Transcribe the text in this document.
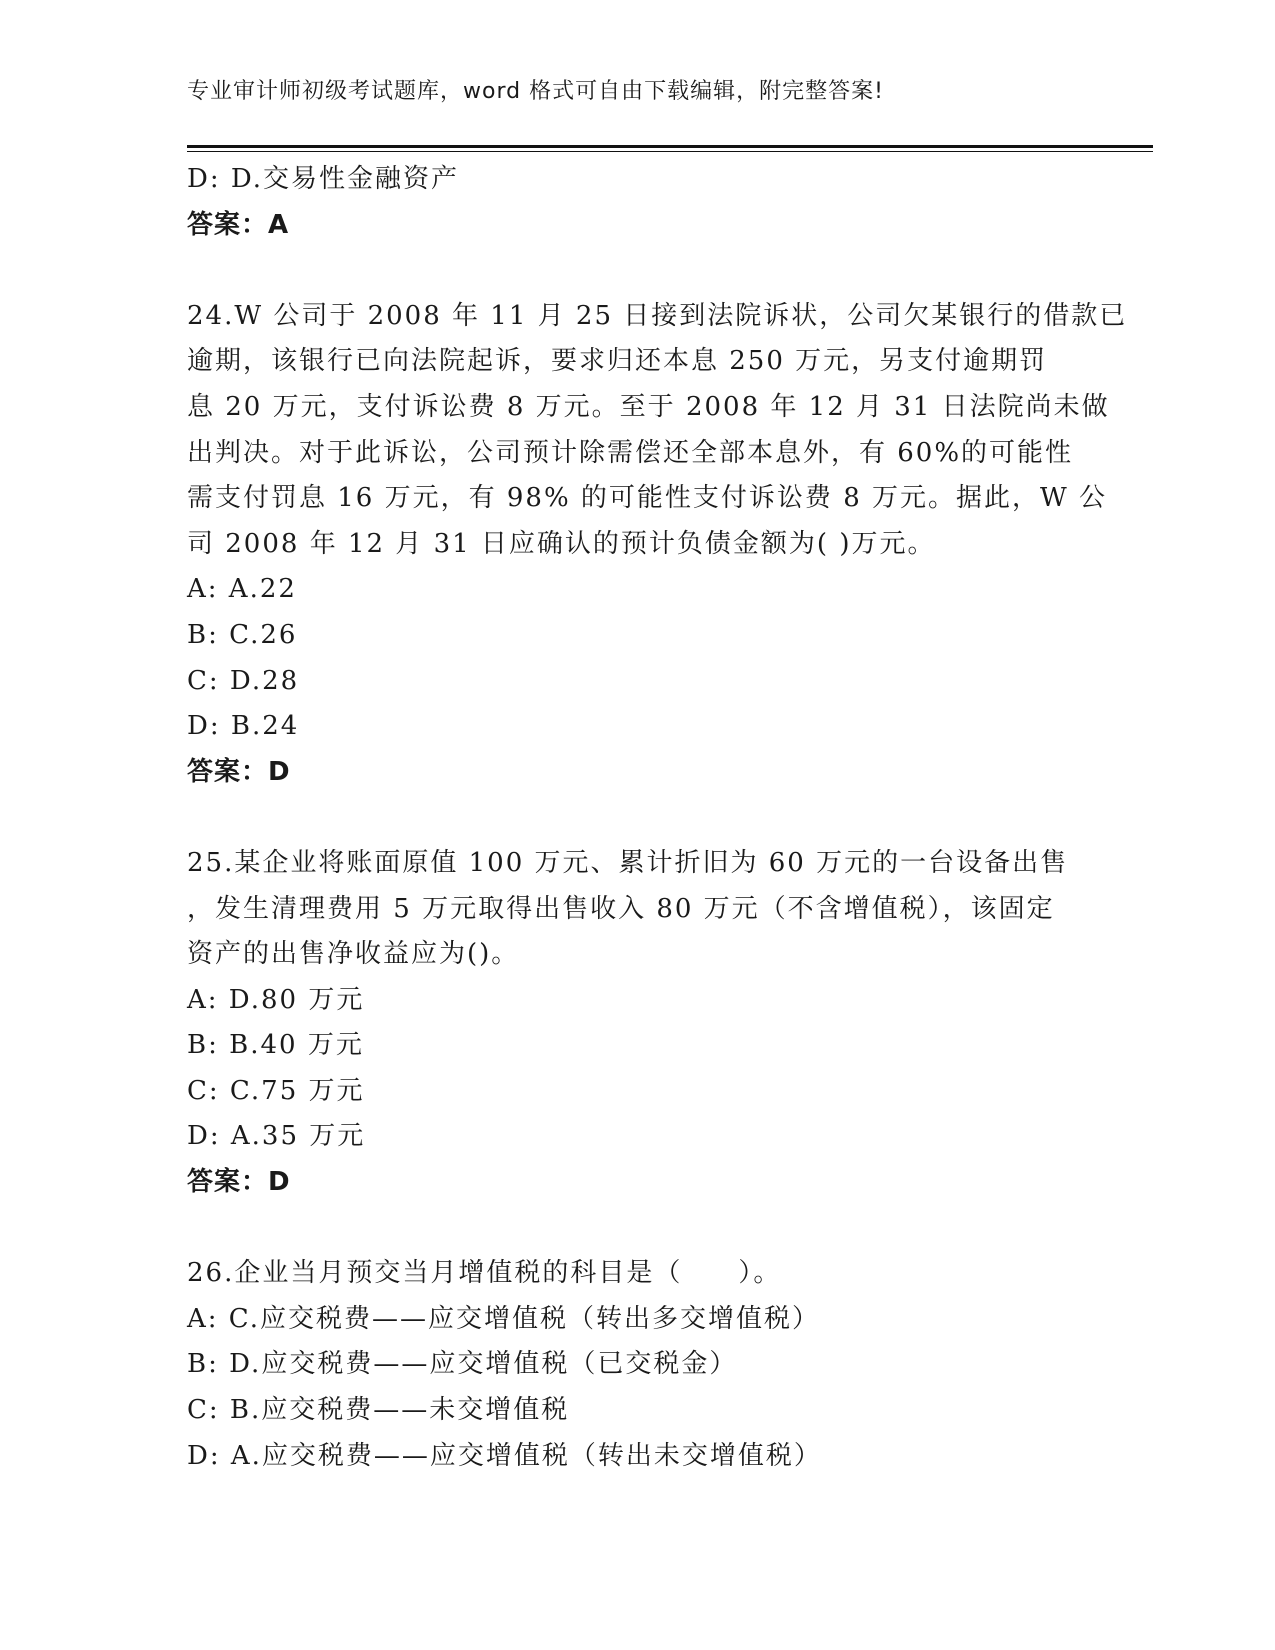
专业审计师初级考试题库，word 格式可自由下载编辑，附完整答案!
D: D.交易性金融资产
答案：A
24.W 公司于 2008 年 11 月 25 日接到法院诉状，公司欠某银行的借款已
逾期，该银行已向法院起诉，要求归还本息 250 万元，另支付逾期罚
息 20 万元，支付诉讼费 8 万元。至于 2008 年 12 月 31 日法院尚未做
出判决。对于此诉讼，公司预计除需偿还全部本息外，有 60%的可能性
需支付罚息 16 万元，有 98% 的可能性支付诉讼费 8 万元。据此，W 公
司 2008 年 12 月 31 日应确认的预计负债金额为( )万元。
A: A.22
B: C.26
C: D.28
D: B.24
答案：D
25.某企业将账面原值 100 万元、累计折旧为 60 万元的一台设备出售
，发生清理费用 5 万元取得出售收入 80 万元（不含增值税），该固定
资产的出售净收益应为()。
A: D.80 万元
B: B.40 万元
C: C.75 万元
D: A.35 万元
答案：D
26.企业当月预交当月增值税的科目是（　　）。
A: C.应交税费——应交增值税（转出多交增值税）
B: D.应交税费——应交增值税（已交税金）
C: B.应交税费——未交增值税
D: A.应交税费——应交增值税（转出未交增值税）
